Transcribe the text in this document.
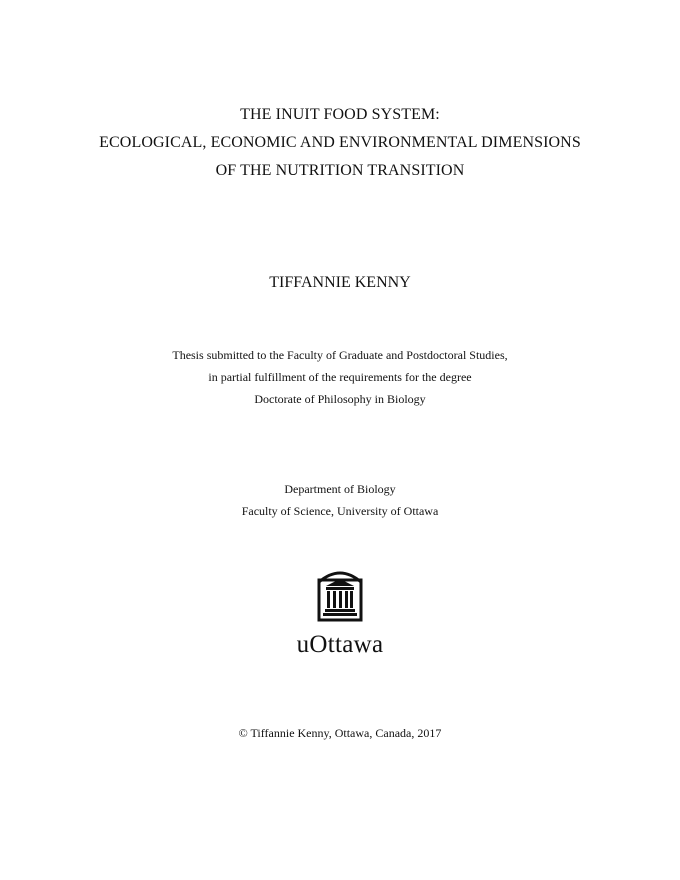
THE INUIT FOOD SYSTEM:
ECOLOGICAL, ECONOMIC AND ENVIRONMENTAL DIMENSIONS
OF THE NUTRITION TRANSITION
TIFFANNIE KENNY
Thesis submitted to the Faculty of Graduate and Postdoctoral Studies,
in partial fulfillment of the requirements for the degree
Doctorate of Philosophy in Biology
Department of Biology
Faculty of Science, University of Ottawa
uOttawa
© Tiffannie Kenny, Ottawa, Canada, 2017
